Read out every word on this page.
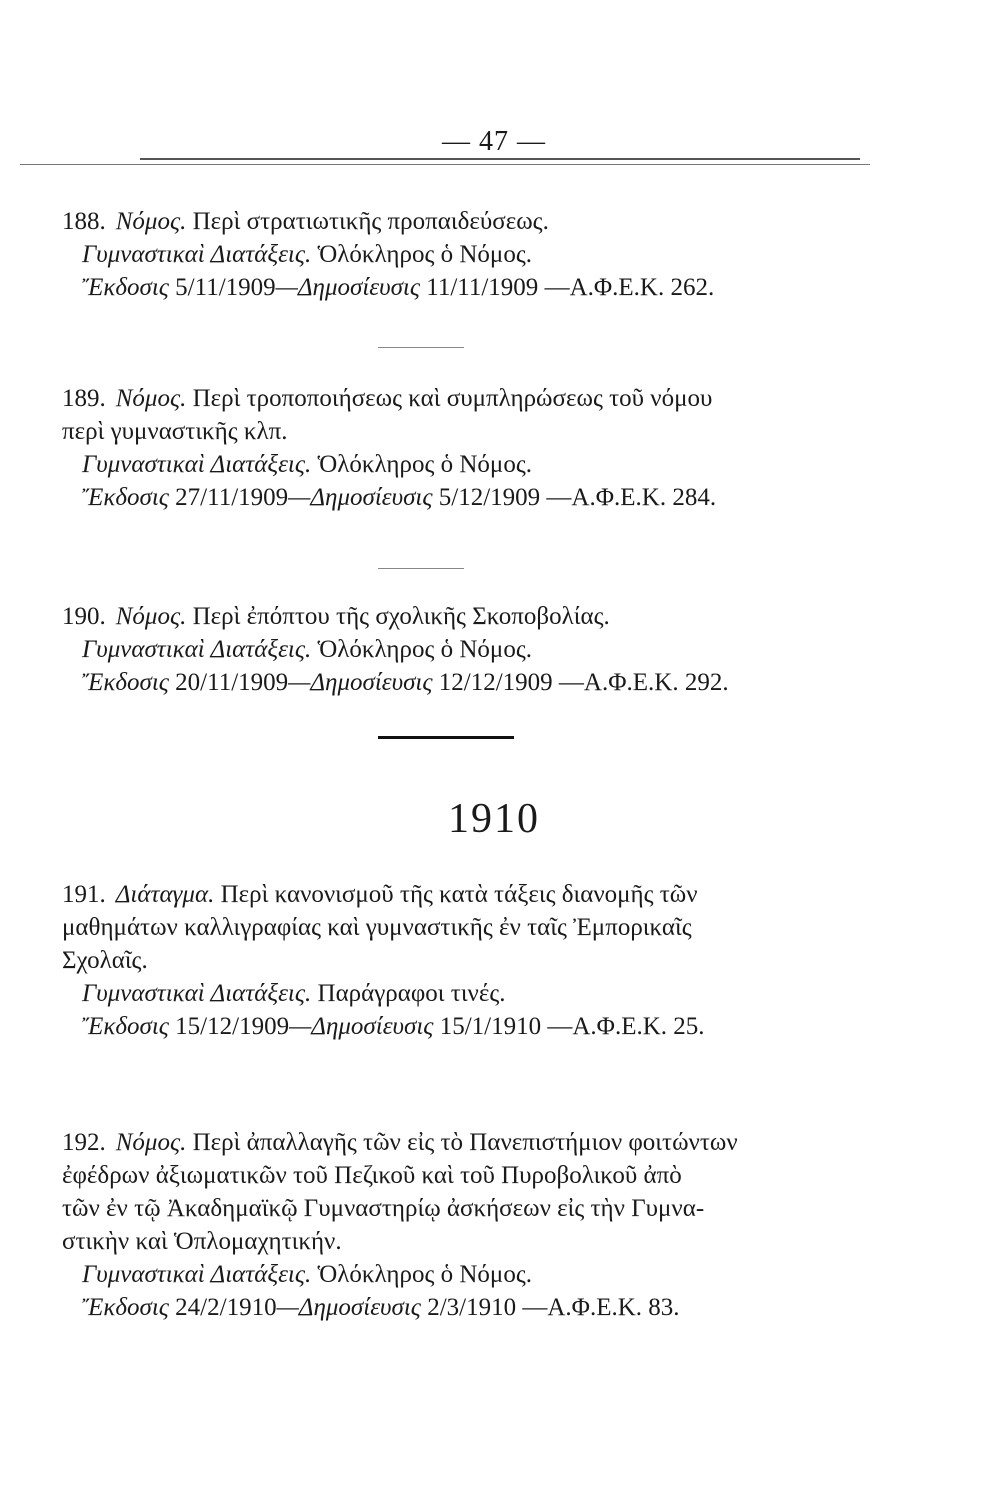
— 47 —
188. Νόμος. Περὶ στρατιωτικῆς προπαιδεύσεως.
Γυμναστικαὶ Διατάξεις. Ὁλόκληρος ὁ Νόμος.
Ἔκδοσις 5/11/1909—Δημοσίευσις 11/11/1909 —Α.Φ.Ε.Κ. 262.
189. Νόμος. Περὶ τροποποιήσεως καὶ συμπληρώσεως τοῦ νόμου
περὶ γυμναστικῆς κλπ.
Γυμναστικαὶ Διατάξεις. Ὁλόκληρος ὁ Νόμος.
Ἔκδοσις 27/11/1909—Δημοσίευσις 5/12/1909 —Α.Φ.Ε.Κ. 284.
190. Νόμος. Περὶ ἐπόπτου τῆς σχολικῆς Σκοποβολίας.
Γυμναστικαὶ Διατάξεις. Ὁλόκληρος ὁ Νόμος.
Ἔκδοσις 20/11/1909—Δημοσίευσις 12/12/1909 —Α.Φ.Ε.Κ. 292.
1910
191. Διάταγμα. Περὶ κανονισμοῦ τῆς κατὰ τάξεις διανομῆς τῶν
μαθημάτων καλλιγραφίας καὶ γυμναστικῆς ἐν ταῖς Ἐμπορικαῖς
Σχολαῖς.
Γυμναστικαὶ Διατάξεις. Παράγραφοι τινές.
Ἔκδοσις 15/12/1909—Δημοσίευσις 15/1/1910 —Α.Φ.Ε.Κ. 25.
192. Νόμος. Περὶ ἀπαλλαγῆς τῶν εἰς τὸ Πανεπιστήμιον φοιτώντων
ἐφέδρων ἀξιωματικῶν τοῦ Πεζικοῦ καὶ τοῦ Πυροβολικοῦ ἀπὸ
τῶν ἐν τῷ Ἀκαδημαϊκῷ Γυμναστηρίῳ ἀσκήσεων εἰς τὴν Γυμνα-
στικὴν καὶ Ὁπλομαχητικήν.
Γυμναστικαὶ Διατάξεις. Ὁλόκληρος ὁ Νόμος.
Ἔκδοσις 24/2/1910—Δημοσίευσις 2/3/1910 —Α.Φ.Ε.Κ. 83.
